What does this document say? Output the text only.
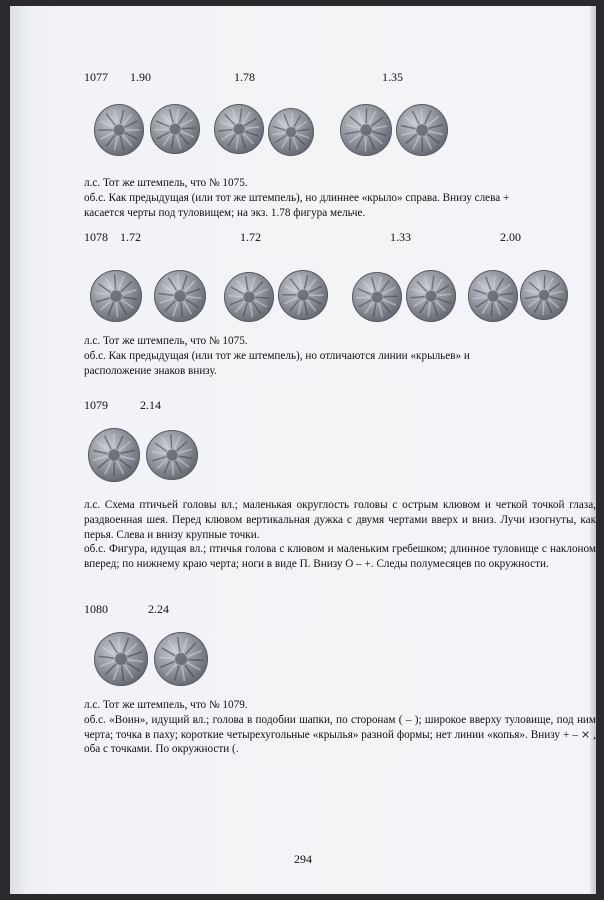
1077 1.90	1.78	1.35

л.с. Тот же штемпель, что № 1075.

об.с. Как предыдущая (или тот же штемпель), но длиннее «крыло» справа. Внизу слева +

касается черты под туловищем; на экз. 1.78 фигура мельче.

1078 1.72	1.72	1.33	2.00

л.с. Тот же штемпель, что № 1075.

об.с. Как предыдущая (или тот же штемпель), но отличаются линии «крыльев» и

расположение знаков внизу.

1079	2.14

л.с. Схема птичьей головы вл.; маленькая округлость головы с острым клювом и четкой точкой глаза, раздвоенная шея. Перед клювом вертикальная дужка с двумя чертами вверх и вниз. Лучи изогнуты, как перья. Слева и внизу крупные точки.

об.с. Фигура, идущая вл.; птичья голова с клювом и маленьким гребешком; длинное туловище с наклоном вперед; по нижнему краю черта; ноги в виде П. Внизу О – +. Следы полумесяцев по окружности.

1080	2.24

л.с. Тот же штемпель, что № 1079.

об.с. «Воин», идущий вл.; голова в подобии шапки, по сторонам ( – ); широкое вверху туловище, под ним черта; точка в паху; короткие четырехугольные «крылья» разной формы; нет линии «копья». Внизу + – ⨯ , оба с точками. По окружности (.

294
